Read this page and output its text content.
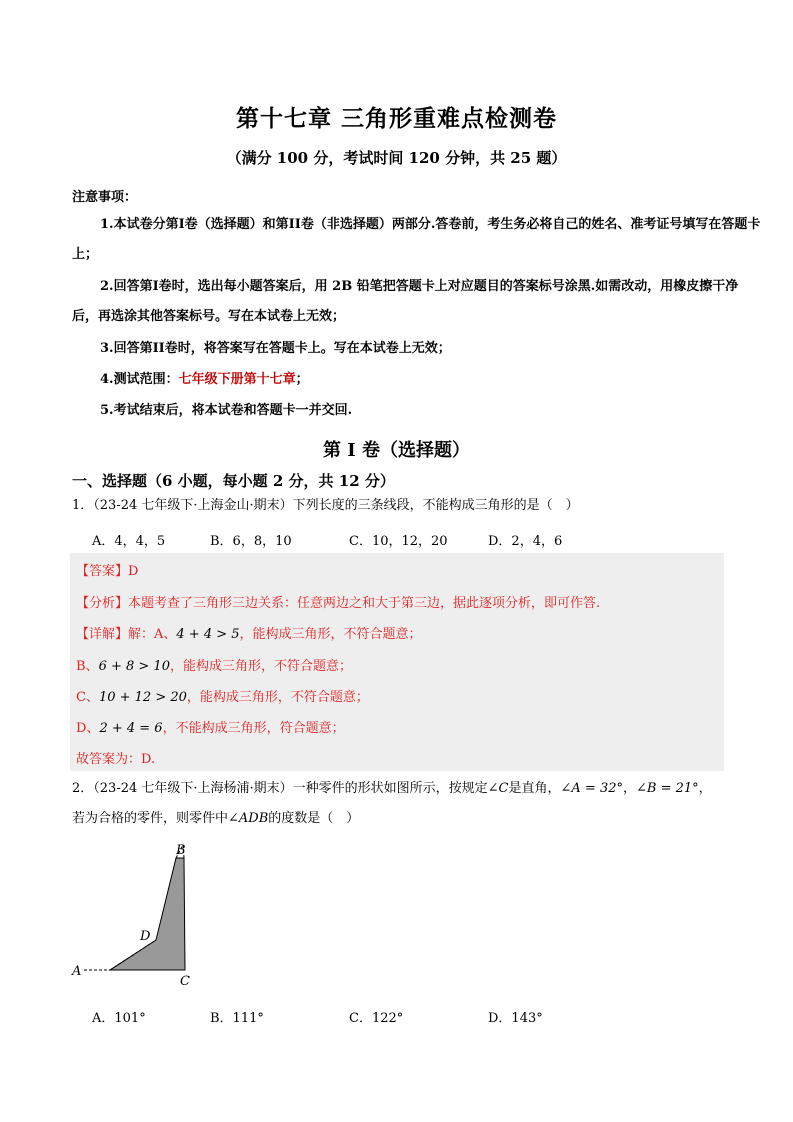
第十七章 三角形重难点检测卷
（满分 100 分，考试时间 120 分钟，共 25 题）
注意事项：
1.本试卷分第I卷（选择题）和第II卷（非选择题）两部分.答卷前，考生务必将自己的姓名、准考证号填写在答题卡上；
2.回答第I卷时，选出每小题答案后，用 2B 铅笔把答题卡上对应题目的答案标号涂黑.如需改动，用橡皮擦干净后，再选涂其他答案标号。写在本试卷上无效；
3.回答第II卷时，将答案写在答题卡上。写在本试卷上无效；
4.测试范围：七年级下册第十七章；
5.考试结束后，将本试卷和答题卡一并交回.
第 I 卷（选择题）
一、选择题（6 小题，每小题 2 分，共 12 分）
1．（23-24 七年级下·上海金山·期末）下列长度的三条线段，不能构成三角形的是（　）
A．4，4，5	B．6，8，10	C．10，12，20	D．2，4，6
【答案】D
【分析】本题考查了三角形三边关系：任意两边之和大于第三边，据此逐项分析，即可作答.
【详解】解：A、4 + 4 > 5，能构成三角形，不符合题意；
B、6 + 8 > 10，能构成三角形，不符合题意；
C、10 + 12 > 20，能构成三角形，不符合题意；
D、2 + 4 = 6，不能构成三角形，符合题意；
故答案为：D.
2．（23-24 七年级下·上海杨浦·期末）一种零件的形状如图所示，按规定∠C是直角，∠A = 32°，∠B = 21°，
若为合格的零件，则零件中∠ADB的度数是（　）
B
D
A
C
A．101°	B．111°	C．122°	D．143°
